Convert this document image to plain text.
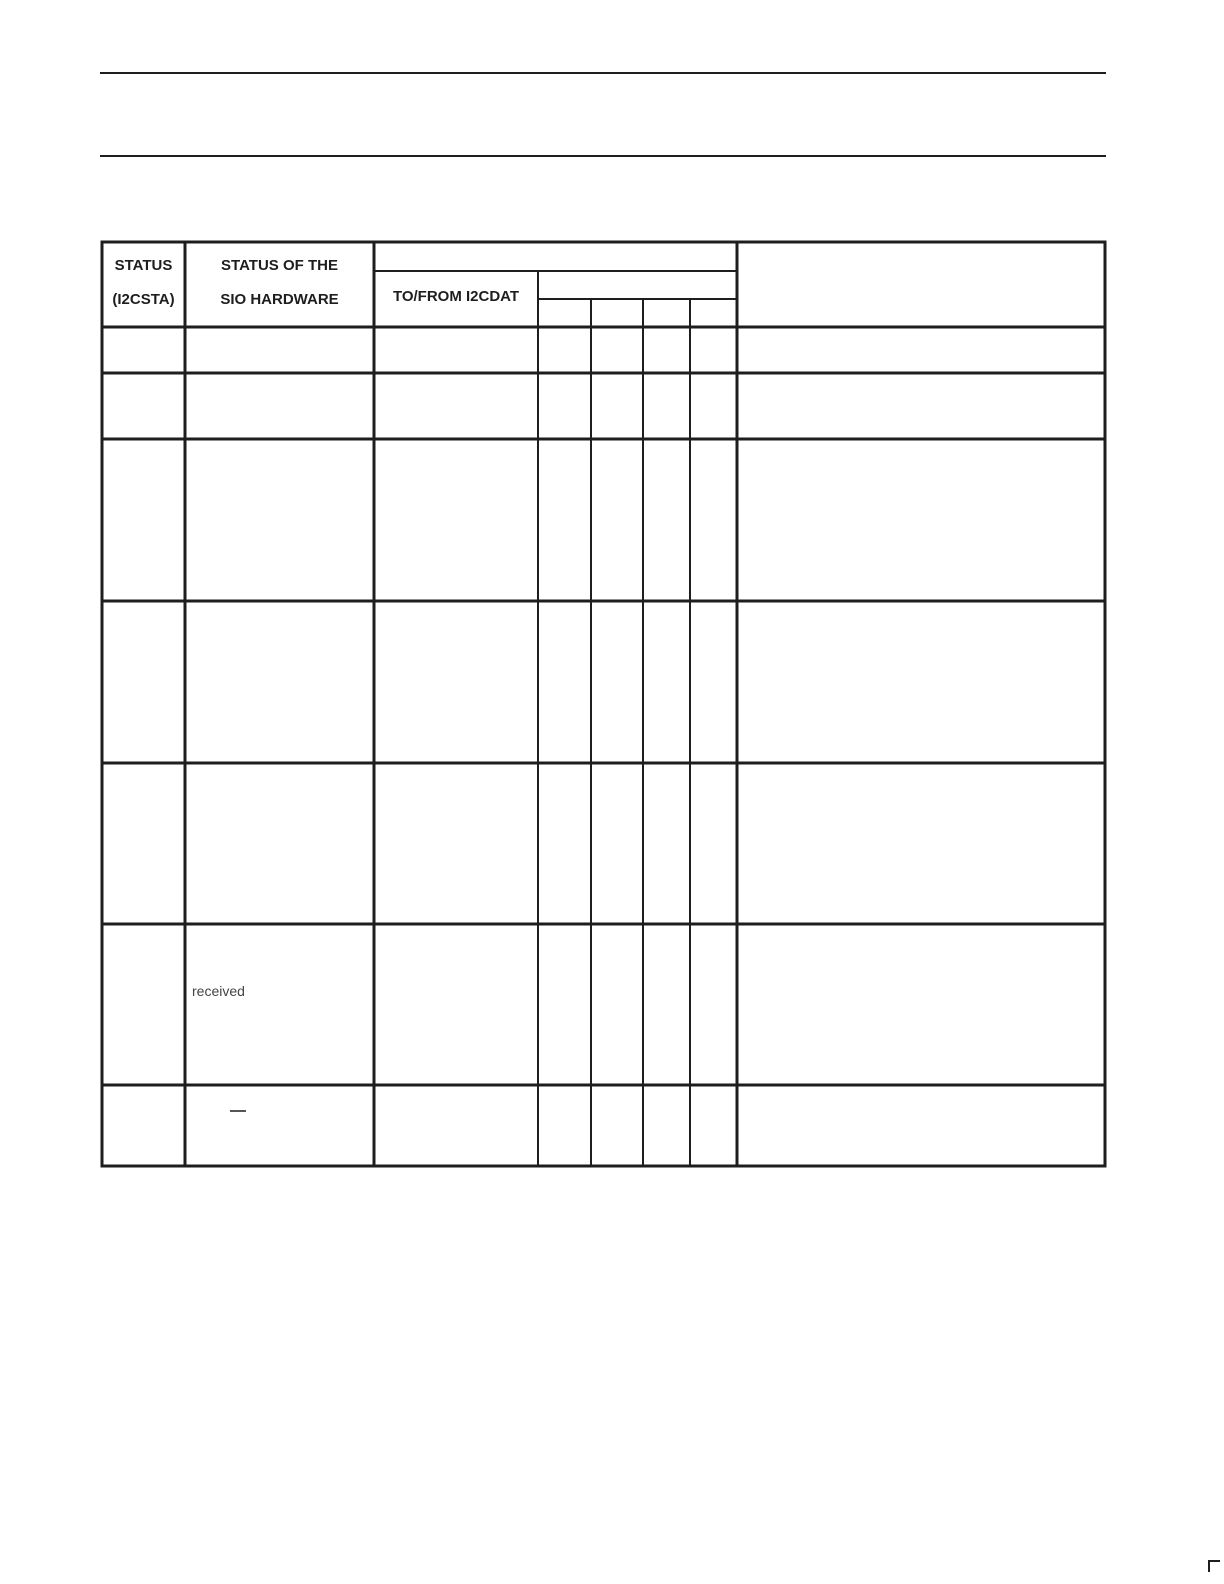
STATUS
(I2CSTA)
STATUS OF THE
SIO HARDWARE	TO/FROM I2CDAT
received
